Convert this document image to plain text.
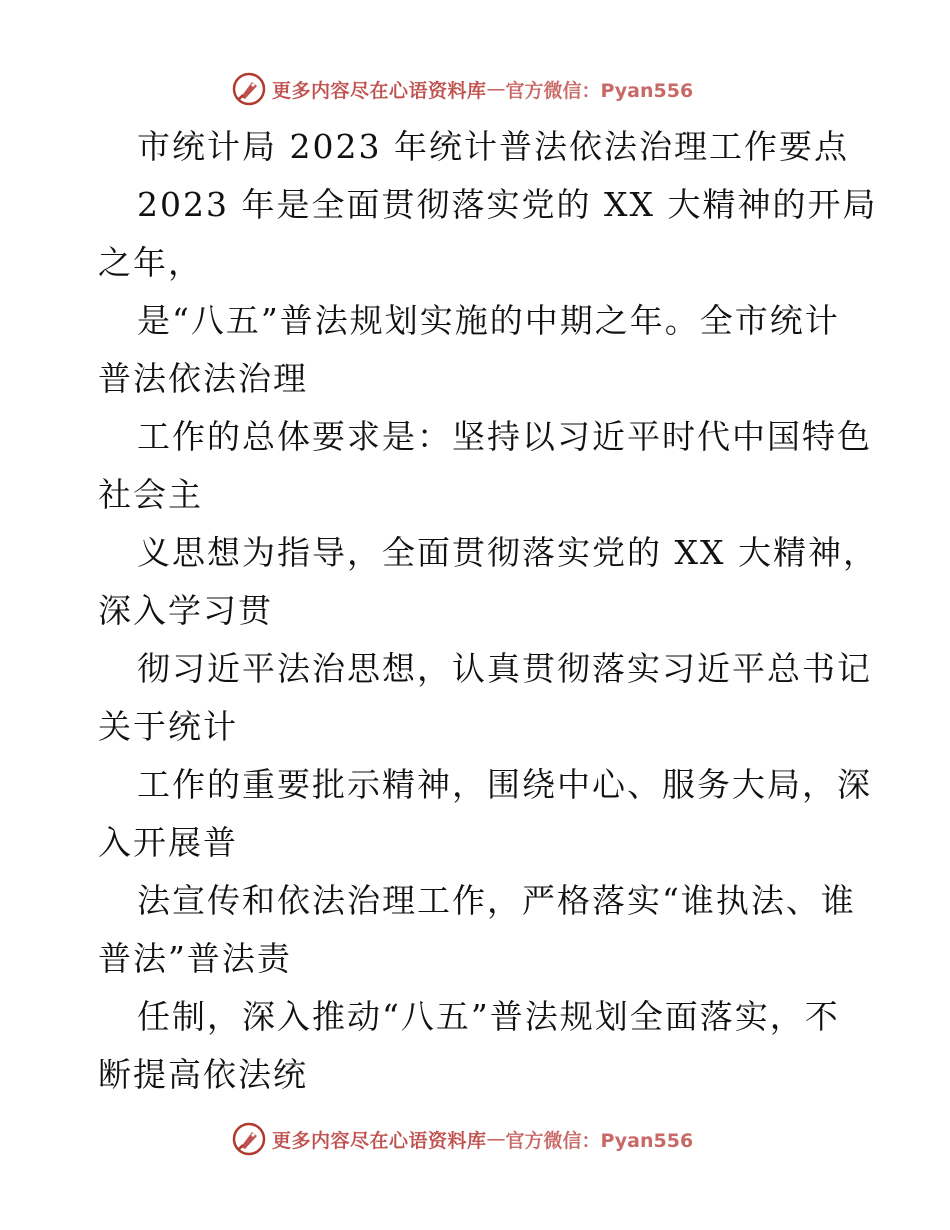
更多内容尽在心语资料库 — 官方微信：Pyan556
市统计局 2023 年统计普法依法治理工作要点
2023 年是全面贯彻落实党的 XX 大精神的开局
之年，
是“八五”普法规划实施的中期之年。全市统计
普法依法治理
工作的总体要求是：坚持以习近平时代中国特色
社会主
义思想为指导，全面贯彻落实党的 XX 大精神，
深入学习贯
彻习近平法治思想，认真贯彻落实习近平总书记
关于统计
工作的重要批示精神，围绕中心、服务大局，深
入开展普
法宣传和依法治理工作，严格落实“谁执法、谁
普法”普法责
任制，深入推动“八五”普法规划全面落实，不
断提高依法统
更多内容尽在心语资料库 — 官方微信：Pyan556
